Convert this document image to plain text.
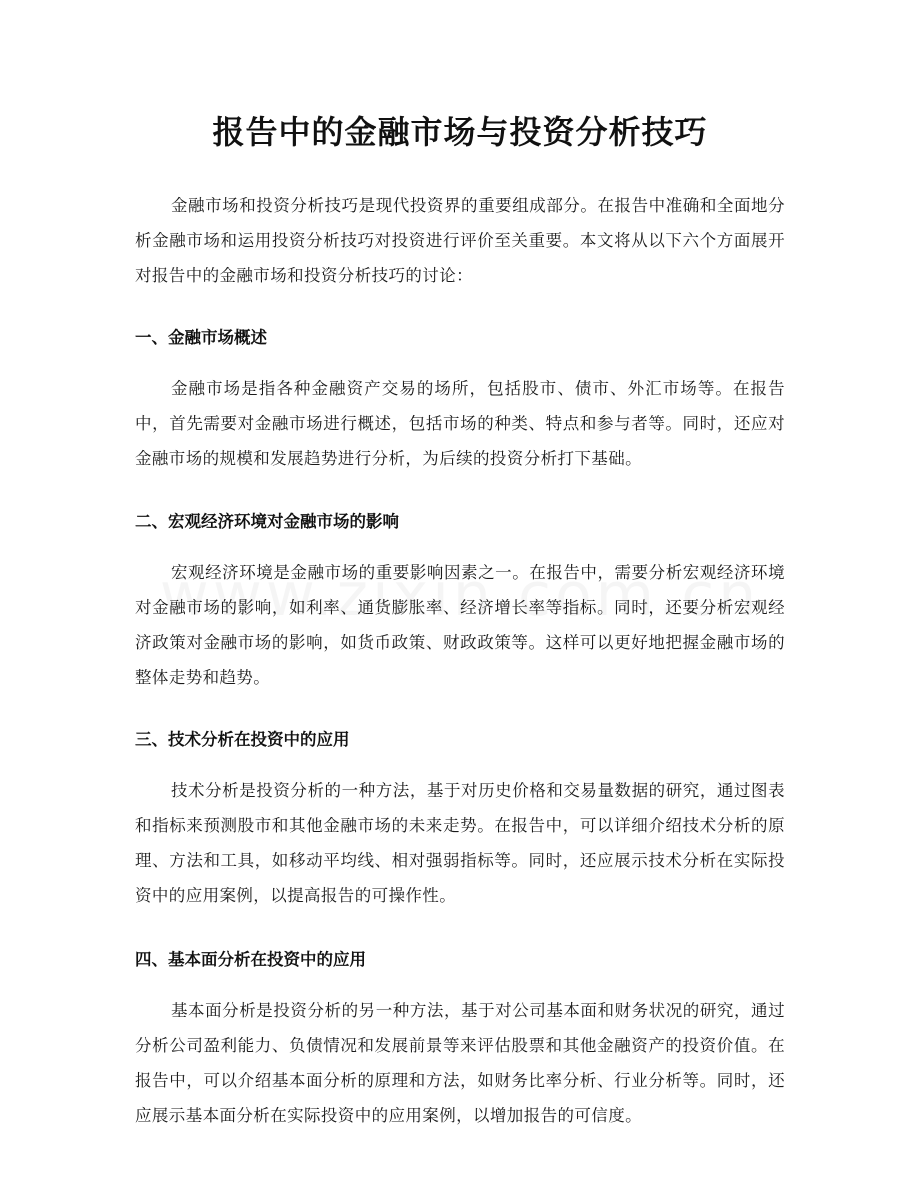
报告中的金融市场与投资分析技巧

金融市场和投资分析技巧是现代投资界的重要组成部分。在报告中准确和全面地分析金融市场和运用投资分析技巧对投资进行评价至关重要。本文将从以下六个方面展开对报告中的金融市场和投资分析技巧的讨论：

一、金融市场概述

金融市场是指各种金融资产交易的场所，包括股市、债市、外汇市场等。在报告中，首先需要对金融市场进行概述，包括市场的种类、特点和参与者等。同时，还应对金融市场的规模和发展趋势进行分析，为后续的投资分析打下基础。

二、宏观经济环境对金融市场的影响

宏观经济环境是金融市场的重要影响因素之一。在报告中，需要分析宏观经济环境对金融市场的影响，如利率、通货膨胀率、经济增长率等指标。同时，还要分析宏观经济政策对金融市场的影响，如货币政策、财政政策等。这样可以更好地把握金融市场的整体走势和趋势。

三、技术分析在投资中的应用

技术分析是投资分析的一种方法，基于对历史价格和交易量数据的研究，通过图表和指标来预测股市和其他金融市场的未来走势。在报告中，可以详细介绍技术分析的原理、方法和工具，如移动平均线、相对强弱指标等。同时，还应展示技术分析在实际投资中的应用案例，以提高报告的可操作性。

四、基本面分析在投资中的应用

基本面分析是投资分析的另一种方法，基于对公司基本面和财务状况的研究，通过分析公司盈利能力、负债情况和发展前景等来评估股票和其他金融资产的投资价值。在报告中，可以介绍基本面分析的原理和方法，如财务比率分析、行业分析等。同时，还应展示基本面分析在实际投资中的应用案例，以增加报告的可信度。
